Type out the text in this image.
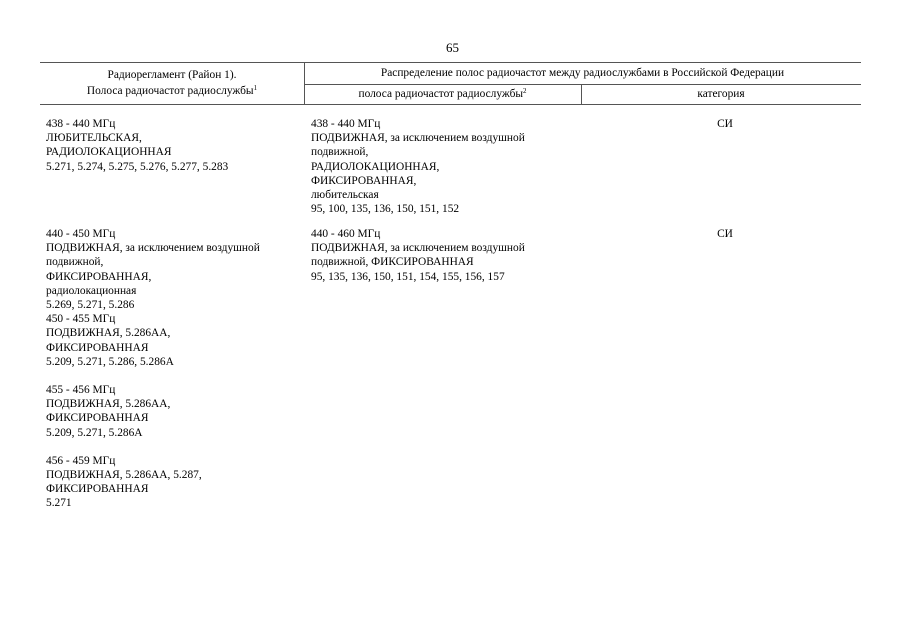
65
Радиорегламент (Район 1).
Полоса радиочастот радиослужбы$^1$
Распределение полос радиочастот между радиослужбами в Российской Федерации
полоса радиочастот радиослужбы$^2$	категория
438 - 440 МГц
ЛЮБИТЕЛЬСКАЯ,
РАДИОЛОКАЦИОННАЯ
5.271, 5.274, 5.275, 5.276, 5.277, 5.283
438 - 440 МГц
ПОДВИЖНАЯ, за исключением воздушной
подвижной,
РАДИОЛОКАЦИОННАЯ,
ФИКСИРОВАННАЯ,
любительская
95, 100, 135, 136, 150, 151, 152
СИ
440 - 450 МГц
ПОДВИЖНАЯ, за исключением воздушной
подвижной,
ФИКСИРОВАННАЯ,
радиолокационная
5.269, 5.271, 5.286
450 - 455 МГц
ПОДВИЖНАЯ, 5.286АА,
ФИКСИРОВАННАЯ
5.209, 5.271, 5.286, 5.286А
455 - 456 МГц
ПОДВИЖНАЯ, 5.286АА,
ФИКСИРОВАННАЯ
5.209, 5.271, 5.286А
456 - 459 МГц
ПОДВИЖНАЯ, 5.286АА, 5.287,
ФИКСИРОВАННАЯ
5.271
440 - 460 МГц
ПОДВИЖНАЯ, за исключением воздушной
подвижной, ФИКСИРОВАННАЯ
95, 135, 136, 150, 151, 154, 155, 156, 157
СИ
